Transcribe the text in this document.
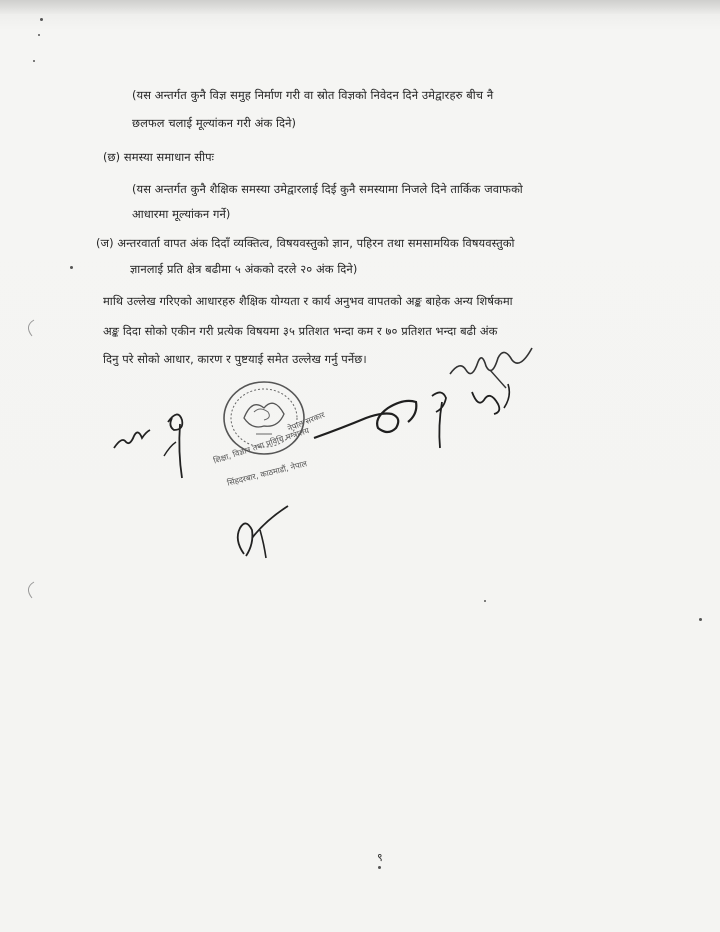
(यस अन्तर्गत कुनै विज्ञ समुह निर्माण गरी वा स्रोत विज्ञको निवेदन दिने उमेद्वारहरु बीच नै
छलफल चलाई मूल्यांकन गरी अंक दिने)
(छ) समस्या समाधान सीपः
(यस अन्तर्गत कुनै शैक्षिक समस्या उमेद्वारलाई दिई कुनै समस्यामा निजले दिने तार्किक जवाफको
आधारमा मूल्यांकन गर्ने)
(ज) अन्तरवार्ता वापत अंक दिदाँ व्यक्तित्व, विषयवस्तुको ज्ञान, पहिरन तथा समसामयिक विषयवस्तुको
ज्ञानलाई प्रति क्षेत्र बढीमा ५ अंकको दरले २० अंक दिने)
माथि उल्लेख गरिएको आधारहरु शैक्षिक योग्यता र कार्य अनुभव वापतको अङ्क बाहेक अन्य शिर्षकमा
अङ्क दिदा सोको एकीन गरी प्रत्येक विषयमा ३५ प्रतिशत भन्दा कम र ७० प्रतिशत भन्दा बढी अंक
दिनु परे सोको आधार, कारण र पुष्टयाई समेत उल्लेख गर्नु पर्नेछ।
नेपाल सरकार
शिक्षा, विज्ञान तथा प्रविधि मन्त्रालय
सिंहदरबार, काठमाडौं, नेपाल
९
